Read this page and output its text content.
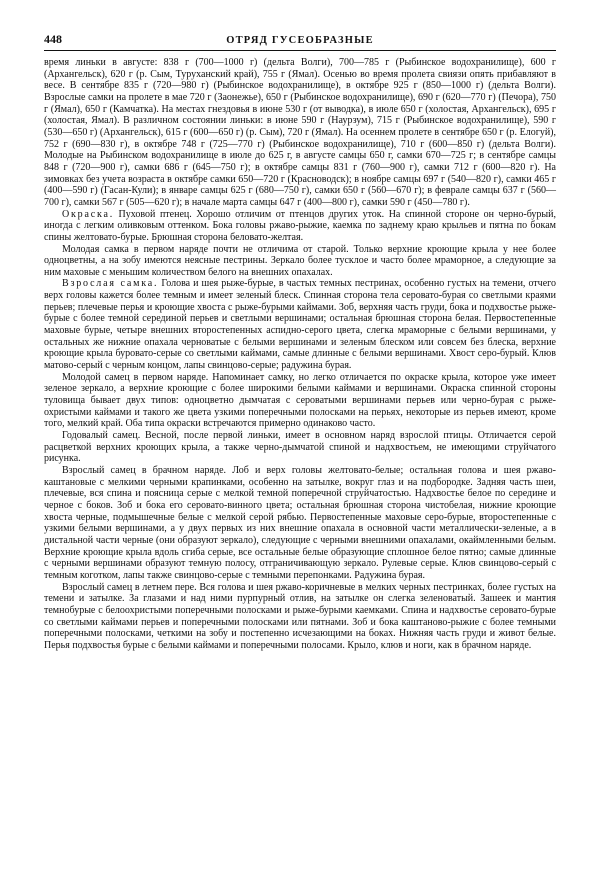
448	ОТРЯД ГУСЕОБРАЗНЫЕ

время линьки в августе: 838 г (700—1000 г) (дельта Волги), 700—785 г (Рыбинское водохранилище), 600 г (Архангельск), 620 г (р. Сым, Туруханский край), 755 г (Ямал). Осенью во время пролета свиязи опять прибавляют в весе. В сентябре 835 г (720—980 г) (Рыбинское водохранилище), в октябре 925 г (850—1000 г) (дельта Волги). Взрослые самки на пролете в мае 720 г (Заонежье), 650 г (Рыбинское водохранилище), 690 г (620—770 г) (Печора), 750 г (Ямал), 650 г (Камчатка). На местах гнездовья в июне 530 г (от выводка), в июле 650 г (холостая, Архангельск), 695 г (холостая, Ямал). В различном состоянии линьки: в июне 590 г (Наурзум), 715 г (Рыбинское водохранилище), 590 г (530—650 г) (Архангельск), 615 г (600—650 г) (р. Сым), 720 г (Ямал). На осеннем пролете в сентябре 650 г (р. Елогуй), 752 г (690—830 г), в октябре 748 г (725—770 г) (Рыбинское водохранилище), 710 г (600—850 г) (дельта Волги). Молодые на Рыбинском водохранилище в июле до 625 г, в августе самцы 650 г, самки 670—725 г; в сентябре самцы 848 г (720—900 г), самки 686 г (645—750 г); в октябре самцы 831 г (760—900 г), самки 712 г (600—820 г). На зимовках без учета возраста в октябре самки 650—720 г (Красноводск); в ноябре самцы 697 г (540—820 г), самки 465 г (400—590 г) (Гасан-Кули); в январе самцы 625 г (680—750 г), самки 650 г (560—670 г); в феврале самцы 637 г (560—700 г), самки 567 г (505—620 г); в начале марта самцы 647 г (400—800 г), самки 590 г (450—780 г).

Окраска. Пуховой птенец. Хорошо отличим от птенцов других уток. На спинной стороне он черно-бурый, иногда с легким оливковым оттенком. Бока головы ржаво-рыжие, каемка по заднему краю крыльев и пятна по бокам спины желтовато-бурые. Брюшная сторона беловато-желтая.

Молодая самка в первом наряде почти не отличима от старой. Только верхние кроющие крыла у нее более одноцветны, а на зобу имеются неясные пестрины. Зеркало более тусклое и часто более мраморное, а следующие за ним маховые с меньшим количеством белого на внешних опахалах.

Взрослая самка. Голова и шея рыже-бурые, в частых темных пестринах, особенно густых на темени, отчего верх головы кажется более темным и имеет зеленый блеск. Спинная сторона тела серовато-бурая со светлыми краями перьев; плечевые перья и кроющие хвоста с рыже-бурыми каймами. Зоб, верхняя часть груди, бока и подхвостье рыже-бурые с более темной серединой перьев и светлыми вершинами; остальная брюшная сторона белая. Первостепенные маховые бурые, четыре внешних второстепенных аспидно-серого цвета, слегка мраморные с белыми вершинами, у остальных же нижние опахала черноватые с белыми вершинами и зеленым блеском или совсем без блеска, верхние кроющие крыла буровато-серые со светлыми каймами, самые длинные с белыми вершинами. Хвост серо-бурый. Клюв матово-серый с черным концом, лапы свинцово-серые; радужина бурая.

Молодой самец в первом наряде. Напоминает самку, но легко отличается по окраске крыла, которое уже имеет зеленое зеркало, а верхние кроющие с более широкими белыми каймами и вершинами. Окраска спинной стороны туловища бывает двух типов: одноцветно дымчатая с сероватыми вершинами перьев или черно-бурая с рыже-охристыми каймами и такого же цвета узкими поперечными полосками на перьях, некоторые из перьев имеют, кроме того, мелкий край. Оба типа окраски встречаются примерно одинаково часто.

Годовалый самец. Весной, после первой линьки, имеет в основном наряд взрослой птицы. Отличается серой расцветкой верхних кроющих крыла, а также черно-дымчатой спиной и надхвостьем, не имеющими струйчатого рисунка.

Взрослый самец в брачном наряде. Лоб и верх головы желтовато-белые; остальная голова и шея ржаво-каштановые с мелкими черными крапинками, особенно на затылке, вокруг глаз и на подбородке. Задняя часть шеи, плечевые, вся спина и поясница серые с мелкой темной поперечной струйчатостью. Надхвостье белое по середине и черное с боков. Зоб и бока его серовато-винного цвета; остальная брюшная сторона чистобелая, нижние кроющие хвоста черные, подмышечные белые с мелкой серой рябью. Первостепенные маховые серо-бурые, второстепенные с узкими белыми вершинами, а у двух первых из них внешние опахала в основной части металлически-зеленые, а в дистальной части черные (они образуют зеркало), следующие с черными внешними опахалами, окаймленными белым. Верхние кроющие крыла вдоль сгиба серые, все остальные белые образующие сплошное белое пятно; самые длинные с черными вершинами образуют темную полосу, отграничивающую зеркало. Рулевые серые. Клюв свинцово-серый с темным коготком, лапы также свинцово-серые с темными перепонками. Радужина бурая.

Взрослый самец в летнем пере. Вся голова и шея ржаво-коричневые в мелких черных пестринках, более густых на темени и затылке. За глазами и над ними пурпурный отлив, на затылке он слегка зеленоватый. Зашеек и мантия темнобурые с белоохристыми поперечными полосками и рыже-бурыми каемками. Спина и надхвостье серовато-бурые со светлыми каймами перьев и поперечными полосками или пятнами. Зоб и бока каштаново-рыжие с более темными поперечными полосками, четкими на зобу и постепенно исчезающими на боках. Нижняя часть груди и живот белые. Перья подхвостья бурые с белыми каймами и поперечными полосами. Крыло, клюв и ноги, как в брачном наряде.
